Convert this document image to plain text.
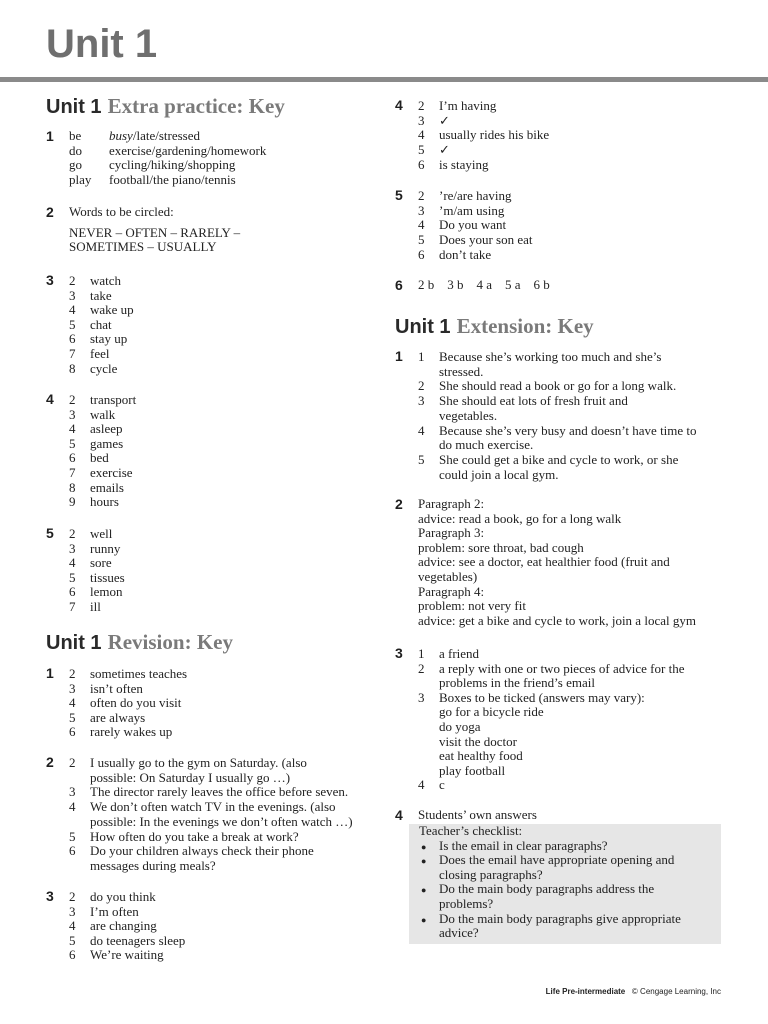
Unit 1
Unit 1 Extra practice: Key
1 be busy/late/stressed
do exercise/gardening/homework
go cycling/hiking/shopping
play football/the piano/tennis
2 Words to be circled:
NEVER – OFTEN – RARELY –
SOMETIMES – USUALLY
3 2 watch
3 take
4 wake up
5 chat
6 stay up
7 feel
8 cycle
4 2 transport
3 walk
4 asleep
5 games
6 bed
7 exercise
8 emails
9 hours
5 2 well
3 runny
4 sore
5 tissues
6 lemon
7 ill
Unit 1 Revision: Key
1 2 sometimes teaches
3 isn’t often
4 often do you visit
5 are always
6 rarely wakes up
2 2 I usually go to the gym on Saturday. (also
possible: On Saturday I usually go …)
3 The director rarely leaves the office before seven.
4 We don’t often watch TV in the evenings. (also
possible: In the evenings we don’t often watch …)
5 How often do you take a break at work?
6 Do your children always check their phone
messages during meals?
3 2 do you think
3 I’m often
4 are changing
5 do teenagers sleep
6 We’re waiting
4 2 I’m having
3 ✓
4 usually rides his bike
5 ✓
6 is staying
5 2 ’re/are having
3 ’m/am using
4 Do you want
5 Does your son eat
6 don’t take
6 2 b    3 b    4 a    5 a    6 b
Unit 1 Extension: Key
1 1 Because she’s working too much and she’s
stressed.
2 She should read a book or go for a long walk.
3 She should eat lots of fresh fruit and
vegetables.
4 Because she’s very busy and doesn’t have time to
do much exercise.
5 She could get a bike and cycle to work, or she
could join a local gym.
2 Paragraph 2:
advice: read a book, go for a long walk
Paragraph 3:
problem: sore throat, bad cough
advice: see a doctor, eat healthier food (fruit and
vegetables)
Paragraph 4:
problem: not very fit
advice: get a bike and cycle to work, join a local gym
3 1 a friend
2 a reply with one or two pieces of advice for the
problems in the friend’s email
3 Boxes to be ticked (answers may vary):
go for a bicycle ride
do yoga
visit the doctor
eat healthy food
play football
4 c
4 Students’ own answers
Teacher’s checklist:
● Is the email in clear paragraphs?
● Does the email have appropriate opening and
closing paragraphs?
● Do the main body paragraphs address the
problems?
● Do the main body paragraphs give appropriate
advice?
Life Pre-intermediate © Cengage Learning, Inc
